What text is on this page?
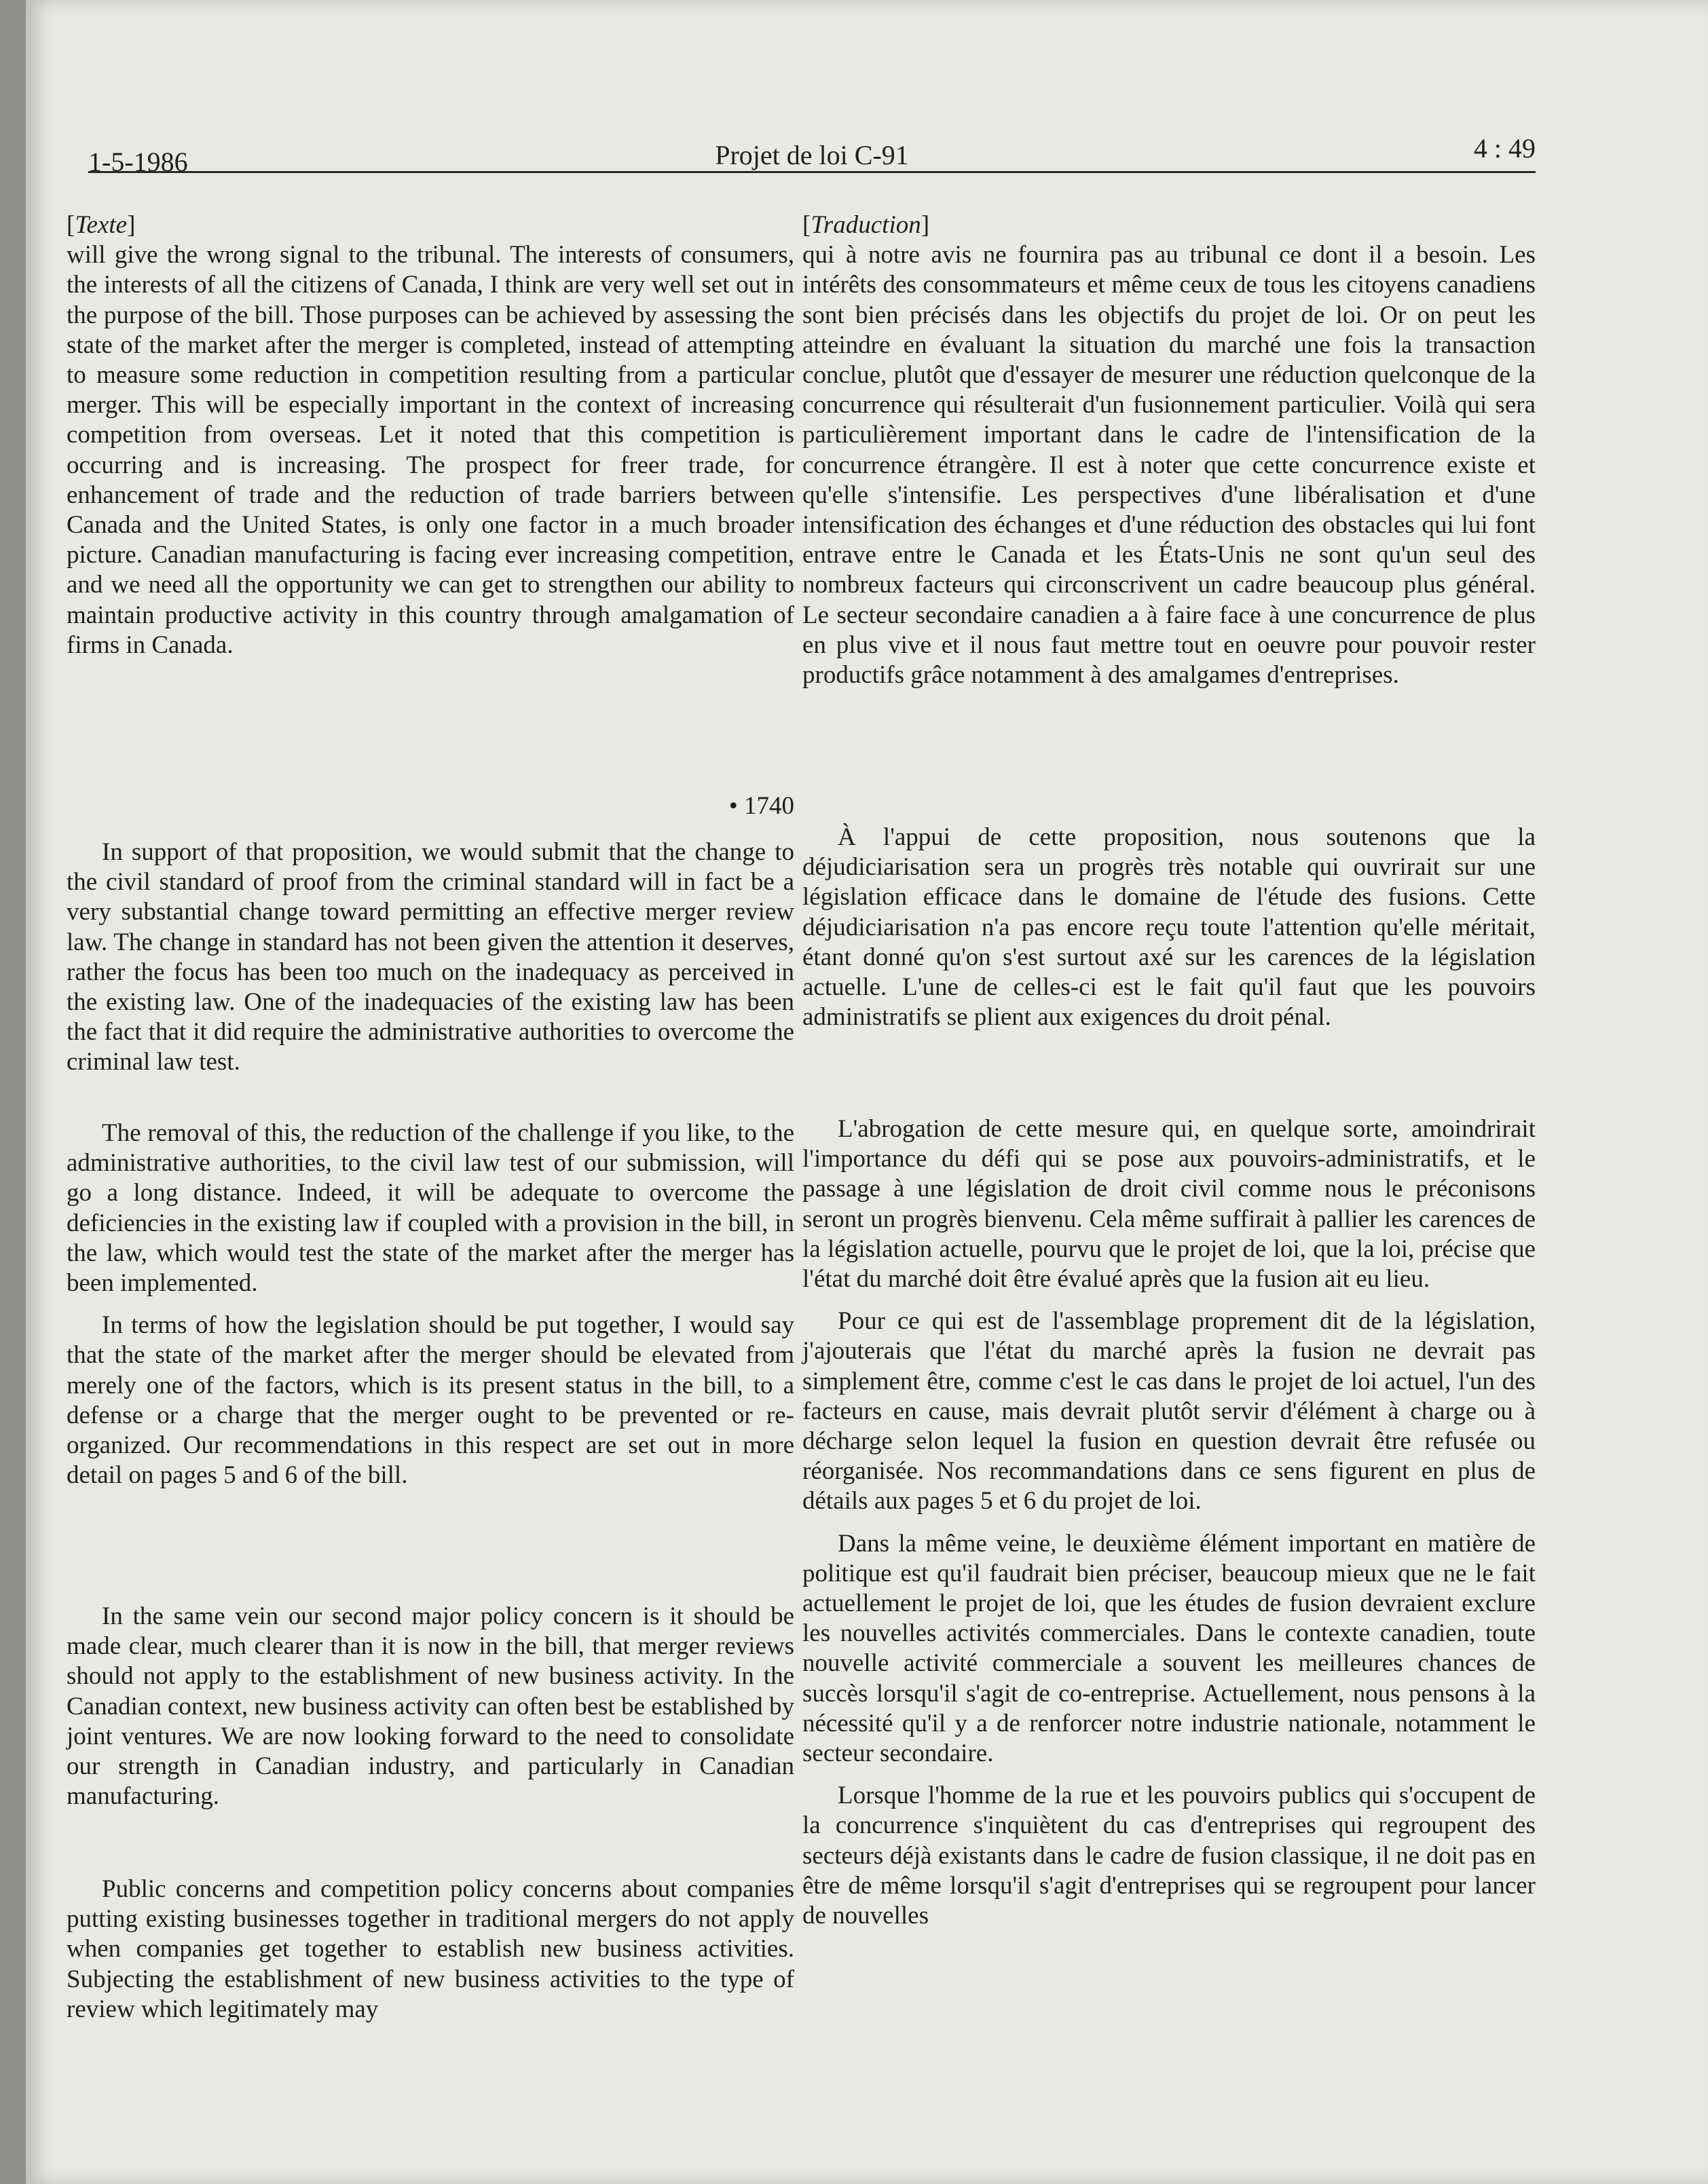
1-5-1986	Projet de loi C-91	4 : 49

[Texte]

will give the wrong signal to the tribunal. The interests of consumers, the interests of all the citizens of Canada, I think are very well set out in the purpose of the bill. Those purposes can be achieved by assessing the state of the market after the merger is completed, instead of attempting to measure some reduction in competition resulting from a particular merger. This will be especially important in the context of increasing competition from overseas. Let it noted that this competition is occurring and is increasing. The prospect for freer trade, for enhancement of trade and the reduction of trade barriers between Canada and the United States, is only one factor in a much broader picture. Canadian manufacturing is facing ever increasing competition, and we need all the opportunity we can get to strengthen our ability to maintain productive activity in this country through amalgamation of firms in Canada.

• 1740

In support of that proposition, we would submit that the change to the civil standard of proof from the criminal standard will in fact be a very substantial change toward permitting an effective merger review law. The change in standard has not been given the attention it deserves, rather the focus has been too much on the inadequacy as perceived in the existing law. One of the inadequacies of the existing law has been the fact that it did require the administrative authorities to overcome the criminal law test.

The removal of this, the reduction of the challenge if you like, to the administrative authorities, to the civil law test of our submission, will go a long distance. Indeed, it will be adequate to overcome the deficiencies in the existing law if coupled with a provision in the bill, in the law, which would test the state of the market after the merger has been implemented.

In terms of how the legislation should be put together, I would say that the state of the market after the merger should be elevated from merely one of the factors, which is its present status in the bill, to a defense or a charge that the merger ought to be prevented or re-organized. Our recommendations in this respect are set out in more detail on pages 5 and 6 of the bill.

In the same vein our second major policy concern is it should be made clear, much clearer than it is now in the bill, that merger reviews should not apply to the establishment of new business activity. In the Canadian context, new business activity can often best be established by joint ventures. We are now looking forward to the need to consolidate our strength in Canadian industry, and particularly in Canadian manufacturing.

Public concerns and competition policy concerns about companies putting existing businesses together in traditional mergers do not apply when companies get together to establish new business activities. Subjecting the establishment of new business activities to the type of review which legitimately may

[Traduction]

qui à notre avis ne fournira pas au tribunal ce dont il a besoin. Les intérêts des consommateurs et même ceux de tous les citoyens canadiens sont bien précisés dans les objectifs du projet de loi. Or on peut les atteindre en évaluant la situation du marché une fois la transaction conclue, plutôt que d'essayer de mesurer une réduction quelconque de la concurrence qui résulterait d'un fusionnement particulier. Voilà qui sera particulièrement important dans le cadre de l'intensification de la concurrence étrangère. Il est à noter que cette concurrence existe et qu'elle s'intensifie. Les perspectives d'une libéralisation et d'une intensification des échanges et d'une réduction des obstacles qui lui font entrave entre le Canada et les États-Unis ne sont qu'un seul des nombreux facteurs qui circonscrivent un cadre beaucoup plus général. Le secteur secondaire canadien a à faire face à une concurrence de plus en plus vive et il nous faut mettre tout en oeuvre pour pouvoir rester productifs grâce notamment à des amalgames d'entreprises.

À l'appui de cette proposition, nous soutenons que la déjudiciarisation sera un progrès très notable qui ouvrirait sur une législation efficace dans le domaine de l'étude des fusions. Cette déjudiciarisation n'a pas encore reçu toute l'attention qu'elle méritait, étant donné qu'on s'est surtout axé sur les carences de la législation actuelle. L'une de celles-ci est le fait qu'il faut que les pouvoirs administratifs se plient aux exigences du droit pénal.

L'abrogation de cette mesure qui, en quelque sorte, amoindrirait l'importance du défi qui se pose aux pouvoirs-administratifs, et le passage à une législation de droit civil comme nous le préconisons seront un progrès bienvenu. Cela même suffirait à pallier les carences de la législation actuelle, pourvu que le projet de loi, que la loi, précise que l'état du marché doit être évalué après que la fusion ait eu lieu.

Pour ce qui est de l'assemblage proprement dit de la législation, j'ajouterais que l'état du marché après la fusion ne devrait pas simplement être, comme c'est le cas dans le projet de loi actuel, l'un des facteurs en cause, mais devrait plutôt servir d'élément à charge ou à décharge selon lequel la fusion en question devrait être refusée ou réorganisée. Nos recommandations dans ce sens figurent en plus de détails aux pages 5 et 6 du projet de loi.

Dans la même veine, le deuxième élément important en matière de politique est qu'il faudrait bien préciser, beaucoup mieux que ne le fait actuellement le projet de loi, que les études de fusion devraient exclure les nouvelles activités commerciales. Dans le contexte canadien, toute nouvelle activité commerciale a souvent les meilleures chances de succès lorsqu'il s'agit de co-entreprise. Actuellement, nous pensons à la nécessité qu'il y a de renforcer notre industrie nationale, notamment le secteur secondaire.

Lorsque l'homme de la rue et les pouvoirs publics qui s'occupent de la concurrence s'inquiètent du cas d'entreprises qui regroupent des secteurs déjà existants dans le cadre de fusion classique, il ne doit pas en être de même lorsqu'il s'agit d'entreprises qui se regroupent pour lancer de nouvelles
